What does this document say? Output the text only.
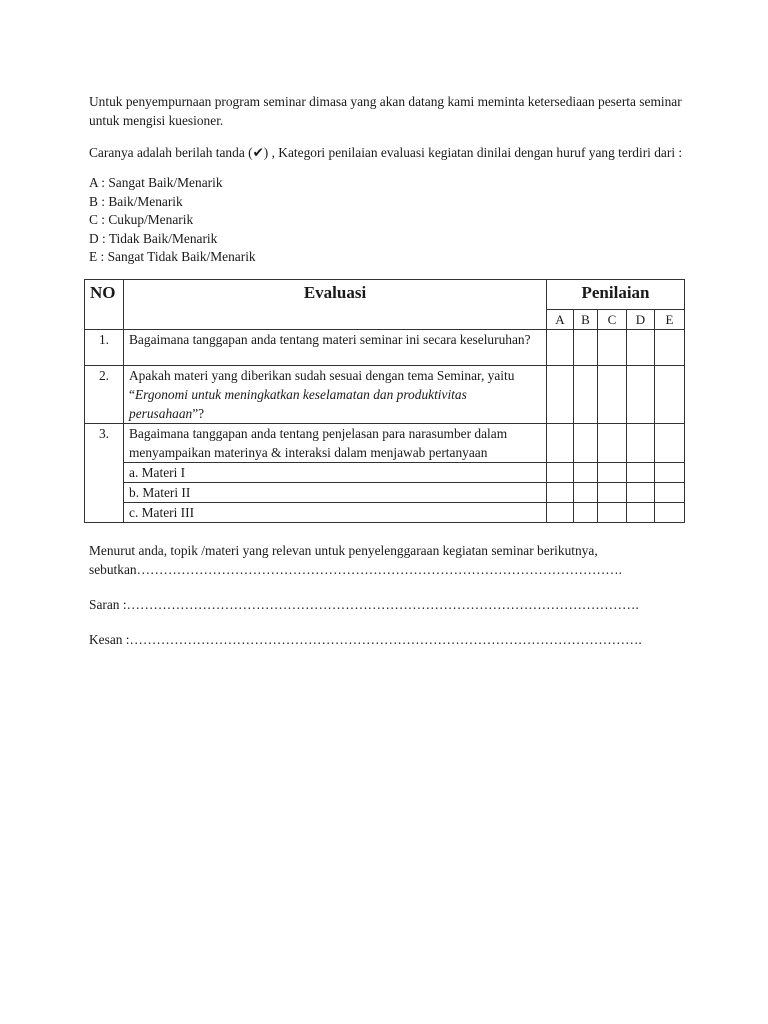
Untuk penyempurnaan program seminar dimasa yang akan datang kami meminta ketersediaan peserta seminar untuk mengisi kuesioner.

Caranya adalah berilah tanda (✔) , Kategori penilaian evaluasi kegiatan dinilai dengan huruf yang terdiri dari :

A : Sangat Baik/Menarik
B : Baik/Menarik
C : Cukup/Menarik
D : Tidak Baik/Menarik
E : Sangat Tidak Baik/Menarik
NO	Evaluasi	Penilaian				
		A	B	C	D	E
1.	Bagaimana tanggapan anda tentang materi seminar ini secara keseluruhan?					
2.	Apakah materi yang diberikan sudah sesuai dengan tema Seminar, yaitu “Ergonomi untuk meningkatkan keselamatan dan produktivitas perusahaan”?					
3.	Bagaimana tanggapan anda tentang penjelasan para narasumber dalam menyampaikan materinya & interaksi dalam menjawab pertanyaan					
	a. Materi I					
	b. Materi II					
	c. Materi III					

Menurut anda, topik /materi yang relevan untuk penyelenggaraan kegiatan seminar berikutnya,

sebutkan……………………………………………………………………………………………….

Saran :…………………………………………………………………………………………………….

Kesan :…………………………………………………………………………………………………….
